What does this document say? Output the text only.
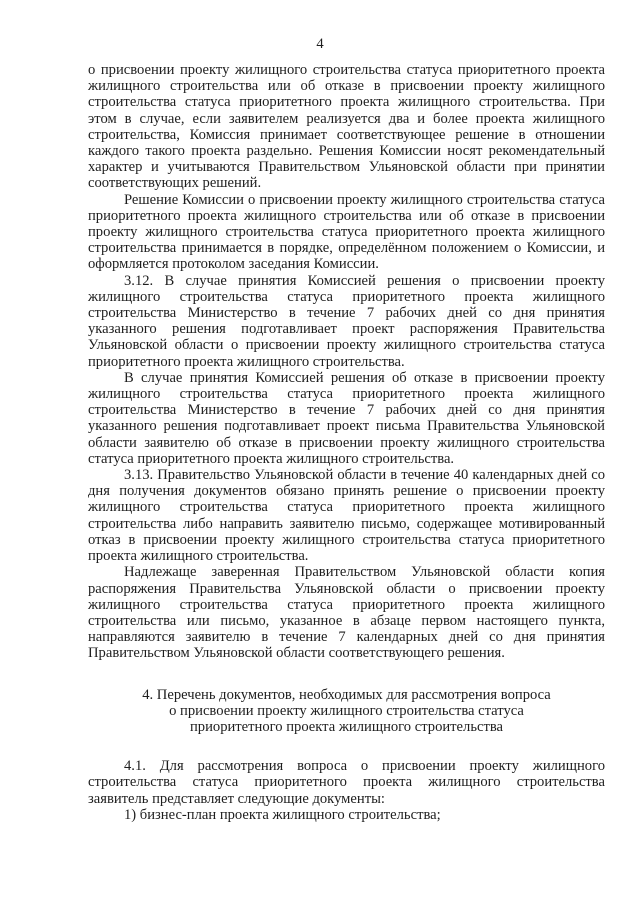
4

о присвоении проекту жилищного строительства статуса приоритетного проекта жилищного строительства или об отказе в присвоении проекту жилищного строительства статуса приоритетного проекта жилищного строительства. При этом в случае, если заявителем реализуется два и более проекта жилищного строительства, Комиссия принимает соответствующее решение в отношении каждого такого проекта раздельно. Решения Комиссии носят рекомендательный характер и учитываются Правительством Ульяновской области при принятии соответствующих решений.

Решение Комиссии о присвоении проекту жилищного строительства статуса приоритетного проекта жилищного строительства или об отказе в присвоении проекту жилищного строительства статуса приоритетного проекта жилищного строительства принимается в порядке, определённом положением о Комиссии, и оформляется протоколом заседания Комиссии.

3.12. В случае принятия Комиссией решения о присвоении проекту жилищного строительства статуса приоритетного проекта жилищного строительства Министерство в течение 7 рабочих дней со дня принятия указанного решения подготавливает проект распоряжения Правительства Ульяновской области о присвоении проекту жилищного строительства статуса приоритетного проекта жилищного строительства.

В случае принятия Комиссией решения об отказе в присвоении проекту жилищного строительства статуса приоритетного проекта жилищного строительства Министерство в течение 7 рабочих дней со дня принятия указанного решения подготавливает проект письма Правительства Ульяновской области заявителю об отказе в присвоении проекту жилищного строительства статуса приоритетного проекта жилищного строительства.

3.13. Правительство Ульяновской области в течение 40 календарных дней со дня получения документов обязано принять решение о присвоении проекту жилищного строительства статуса приоритетного проекта жилищного строительства либо направить заявителю письмо, содержащее мотивированный отказ в присвоении проекту жилищного строительства статуса приоритетного проекта жилищного строительства.

Надлежаще заверенная Правительством Ульяновской области копия распоряжения Правительства Ульяновской области о присвоении проекту жилищного строительства статуса приоритетного проекта жилищного строительства или письмо, указанное в абзаце первом настоящего пункта, направляются заявителю в течение 7 календарных дней со дня принятия Правительством Ульяновской области соответствующего решения.

4. Перечень документов, необходимых для рассмотрения вопроса
о присвоении проекту жилищного строительства статуса
приоритетного проекта жилищного строительства

4.1. Для рассмотрения вопроса о присвоении проекту жилищного строительства статуса приоритетного проекта жилищного строительства заявитель представляет следующие документы:

1) бизнес-план проекта жилищного строительства;
